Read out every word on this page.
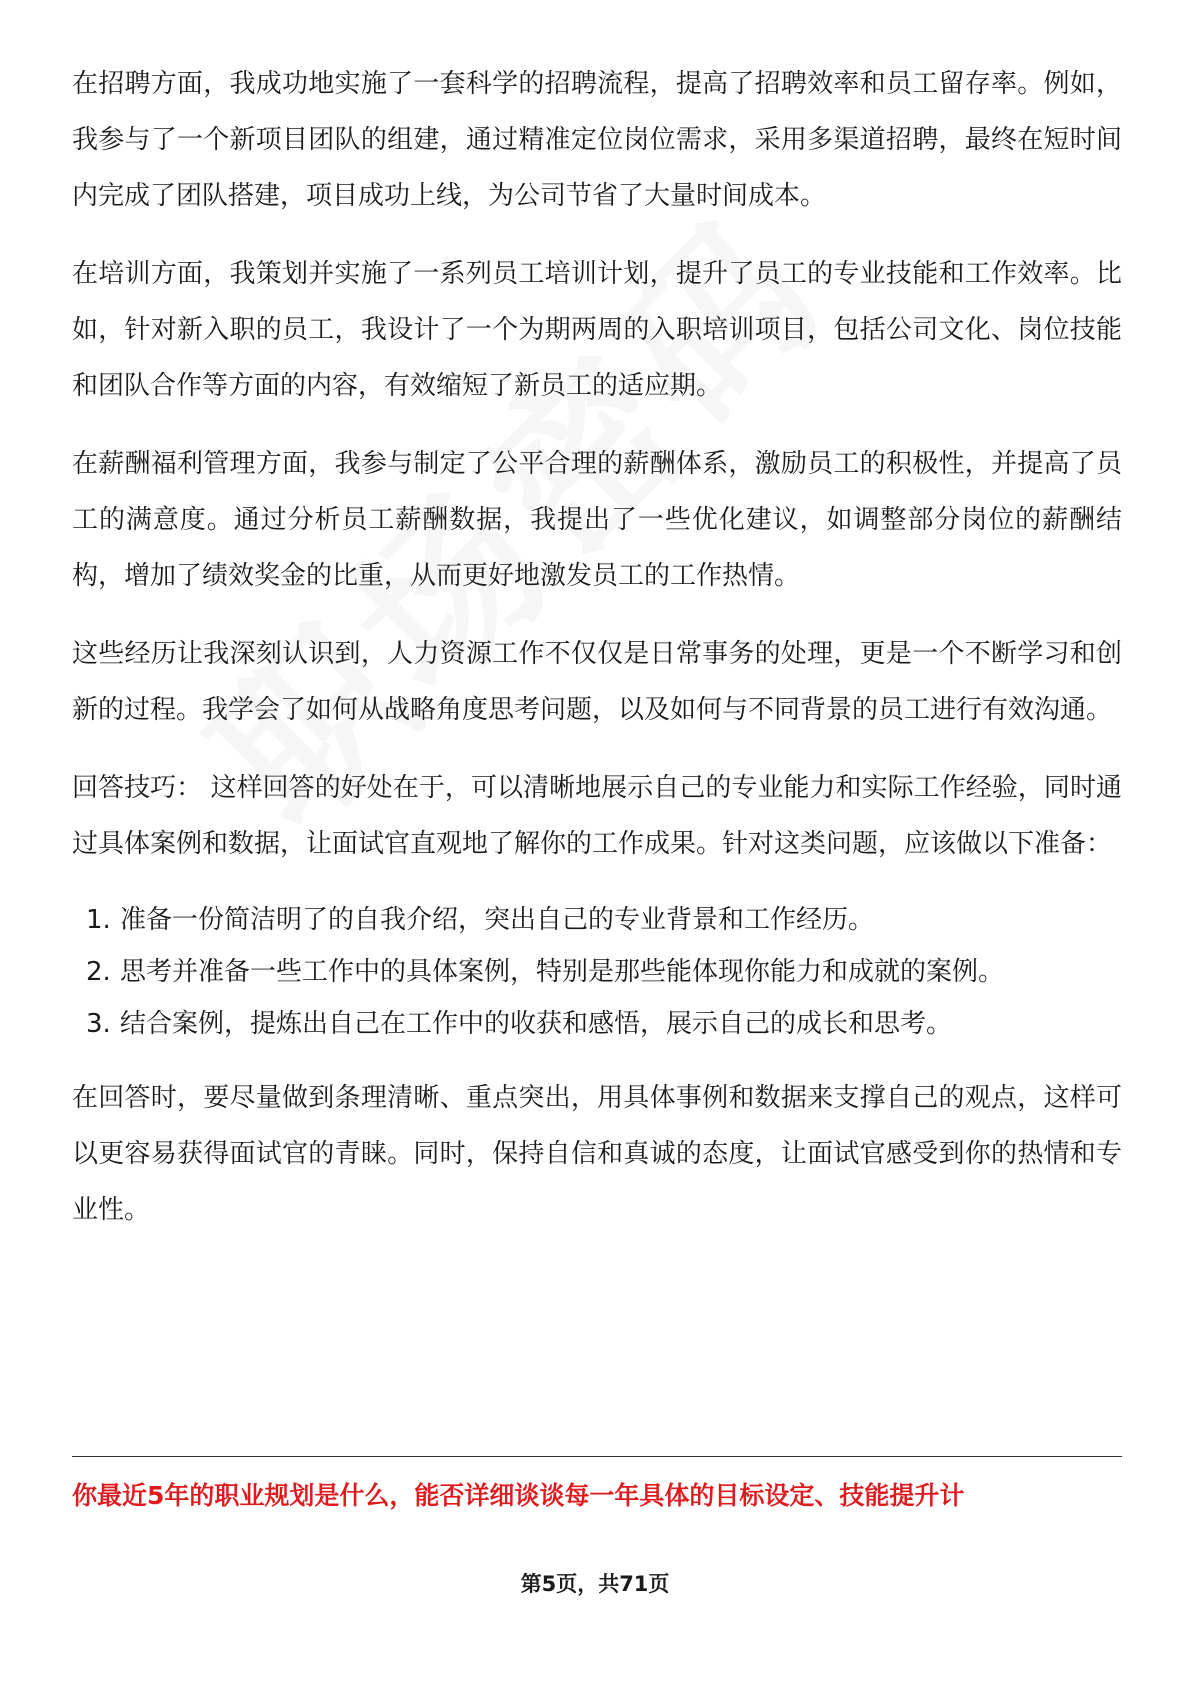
在招聘方面，我成功地实施了一套科学的招聘流程，提高了招聘效率和员工留存率。例如，我参与了一个新项目团队的组建，通过精准定位岗位需求，采用多渠道招聘，最终在短时间内完成了团队搭建，项目成功上线，为公司节省了大量时间成本。

在培训方面，我策划并实施了一系列员工培训计划，提升了员工的专业技能和工作效率。比如，针对新入职的员工，我设计了一个为期两周的入职培训项目，包括公司文化、岗位技能和团队合作等方面的内容，有效缩短了新员工的适应期。

在薪酬福利管理方面，我参与制定了公平合理的薪酬体系，激励员工的积极性，并提高了员工的满意度。通过分析员工薪酬数据，我提出了一些优化建议，如调整部分岗位的薪酬结构，增加了绩效奖金的比重，从而更好地激发员工的工作热情。

这些经历让我深刻认识到，人力资源工作不仅仅是日常事务的处理，更是一个不断学习和创新的过程。我学会了如何从战略角度思考问题，以及如何与不同背景的员工进行有效沟通。

回答技巧： 这样回答的好处在于，可以清晰地展示自己的专业能力和实际工作经验，同时通过具体案例和数据，让面试官直观地了解你的工作成果。针对这类问题，应该做以下准备：

1. 准备一份简洁明了的自我介绍，突出自己的专业背景和工作经历。
2. 思考并准备一些工作中的具体案例，特别是那些能体现你能力和成就的案例。
3. 结合案例，提炼出自己在工作中的收获和感悟，展示自己的成长和思考。

在回答时，要尽量做到条理清晰、重点突出，用具体事例和数据来支撑自己的观点，这样可以更容易获得面试官的青睐。同时，保持自信和真诚的态度，让面试官感受到你的热情和专业性。

你最近5年的职业规划是什么，能否详细谈谈每一年具体的目标设定、技能提升计
第5页，共71页
